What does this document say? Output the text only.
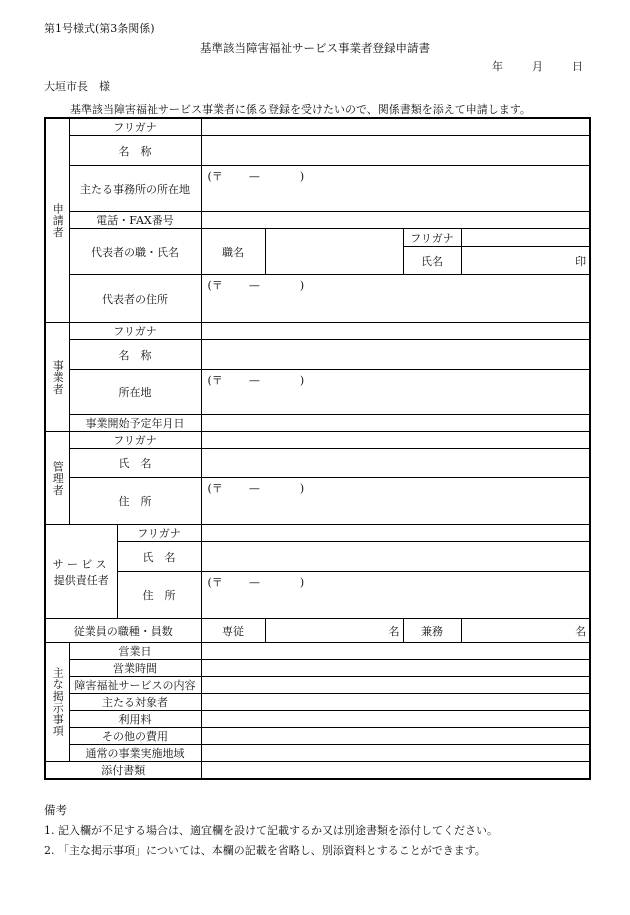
第1号様式(第3条関係)
基準該当障害福祉サービス事業者登録申請書
年	月	日
大垣市長　様
基準該当障害福祉サービス事業者に係る登録を受けたいので、関係書類を添えて申請します。
申請者	フリガナ					
	名　称					
	主たる事務所の所在地		(〒 — )			
	電話・FAX番号					
	代表者の職・氏名		職名		フリガナ	
					氏名	印
	代表者の住所		(〒 — )			

事業者	フリガナ					
	名　称					
	所在地		(〒 — )			
	事業開始予定年月日					
管理者	フリガナ					
	氏　名					
	住　所		(〒 — )			

サービス
提供責任者		フリガナ				
		氏　名				
		住　所	(〒 — )			
従業員の職種・員数			専従	名	兼務	名
主な掲示事項	営業日					
	営業時間					
	障害福祉サービスの内容					
	主たる対象者					
	利用料					
	その他の費用					
	通常の事業実施地域					
添付書類						
備考
1. 記入欄が不足する場合は、適宜欄を設けて記載するか又は別途書類を添付してください。
2. 「主な掲示事項」については、本欄の記載を省略し、別添資料とすることができます。
